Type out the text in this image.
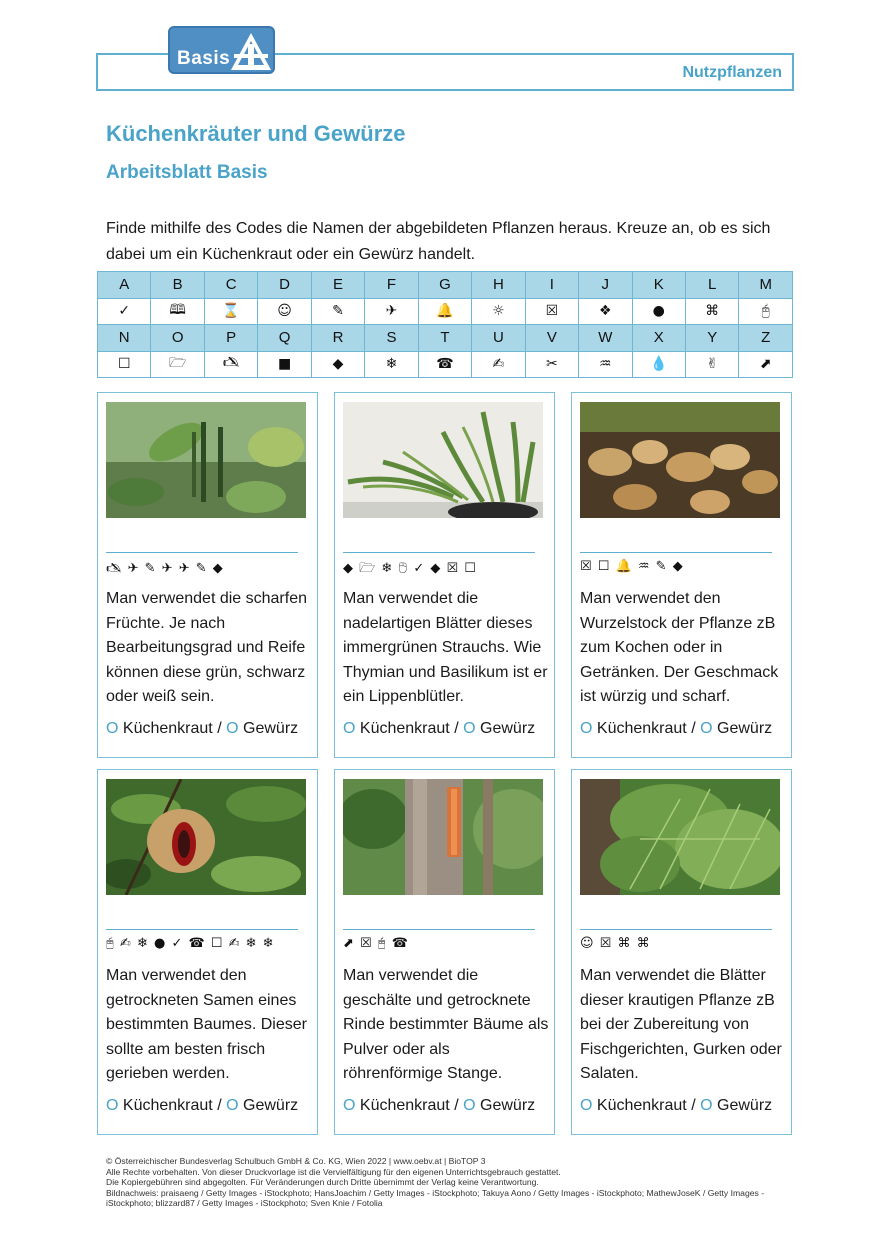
Nutzpflanzen
Basis
Küchenkräuter und Gewürze
Arbeitsblatt Basis

Finde mithilfe des Codes die Namen der abgebildeten Pflanzen heraus. Kreuze an, ob es sich dabei um ein Küchenkraut oder ein Gewürz handelt.

A	B	C	D	E	F	G	H	I	J	K	L	M
✓	🕮	⌛	☺	✎	✈	🔔	☼	☒	❖	●	⌘	🖰
N	O	P	Q	R	S	T	U	V	W	X	Y	Z
☐	🗁	🖎	■	◆	❄	☎	✍	✂	♒	💧	✌	⬈
🖎 ✈ ✎ ✈ ✈ ✎ ◆

Man verwendet die scharfen Früchte. Je nach Bearbeitungsgrad und Reife können diese grün, schwarz oder weiß sein.

O Küchenkraut / O Gewürz
◆ 🗁 ❄ 🖰 ✓ ◆ ☒ ☐

Man verwendet die nadelartigen Blätter dieses immergrünen Strauchs. Wie Thymian und Basilikum ist er ein Lippenblütler.

O Küchenkraut / O Gewürz
☒ ☐ 🔔 ♒ ✎ ◆

Man verwendet den Wurzelstock der Pflanze zB zum Kochen oder in Getränken. Der Geschmack ist würzig und scharf.

O Küchenkraut / O Gewürz
🖰 ✍ ❄ ● ✓ ☎ ☐ ✍ ❄ ❄

Man verwendet den getrockneten Samen eines bestimmten Baumes. Dieser sollte am besten frisch gerieben werden.

O Küchenkraut / O Gewürz
⬈ ☒ 🖰 ☎

Man verwendet die geschälte und getrocknete Rinde bestimmter Bäume als Pulver oder als röhrenförmige Stange.

O Küchenkraut / O Gewürz
☺ ☒ ⌘ ⌘

Man verwendet die Blätter dieser krautigen Pflanze zB bei der Zubereitung von Fischgerichten, Gurken oder Salaten.

O Küchenkraut / O Gewürz
© Österreichischer Bundesverlag Schulbuch GmbH & Co. KG, Wien 2022 | www.oebv.at | BioTOP 3
Alle Rechte vorbehalten. Von dieser Druckvorlage ist die Vervielfältigung für den eigenen Unterrichtsgebrauch gestattet.
Die Kopiergebühren sind abgegolten. Für Veränderungen durch Dritte übernimmt der Verlag keine Verantwortung.
Bildnachweis: praisaeng / Getty Images - iStockphoto; HansJoachim / Getty Images - iStockphoto; Takuya Aono / Getty Images - iStockphoto; MathewJoseK / Getty Images - iStockphoto; blizzard87 / Getty Images - iStockphoto; Sven Knie / Fotolia
